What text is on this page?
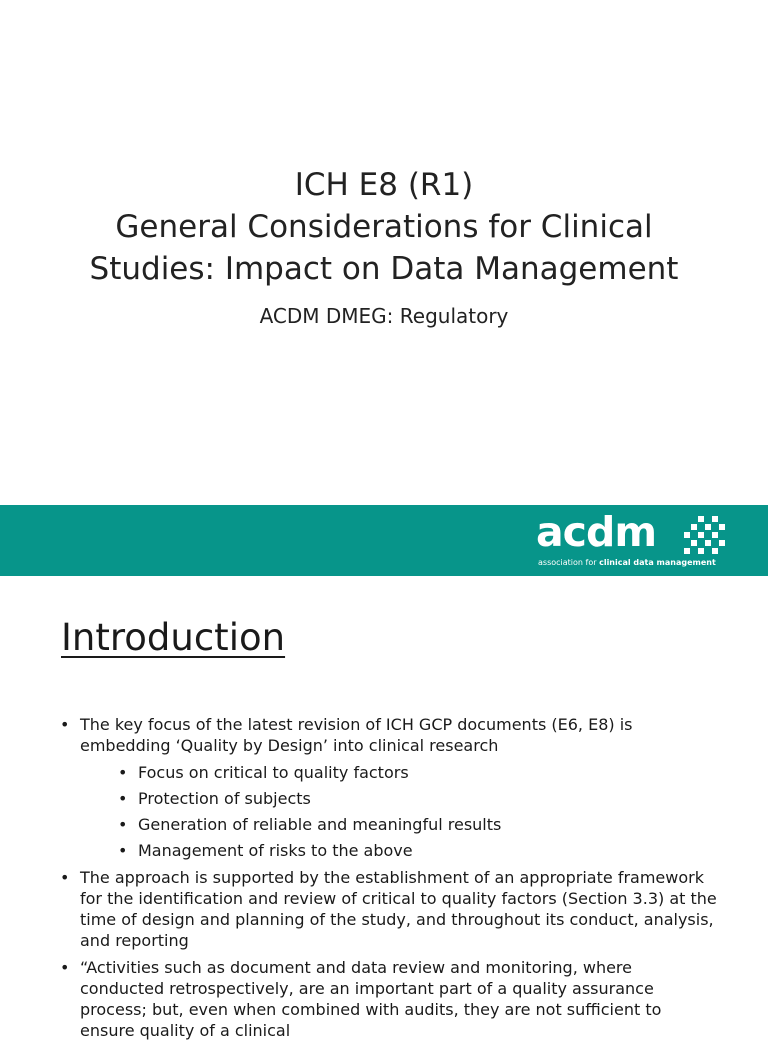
ICH E8 (R1)
General Considerations for Clinical
Studies: Impact on Data Management
ACDM DMEG: Regulatory
acdm
association for clinical data management
Introduction
• The key focus of the latest revision of ICH GCP documents (E6, E8) is embedding ‘Quality by Design’ into clinical research
• Focus on critical to quality factors
• Protection of subjects
• Generation of reliable and meaningful results
• Management of risks to the above
• The approach is supported by the establishment of an appropriate framework for the identification and review of critical to quality factors (Section 3.3) at the time of design and planning of the study, and throughout its conduct, analysis, and reporting
• “Activities such as document and data review and monitoring, where conducted retrospectively, are an important part of a quality assurance process; but, even when combined with audits, they are not sufficient to ensure quality of a clinical
